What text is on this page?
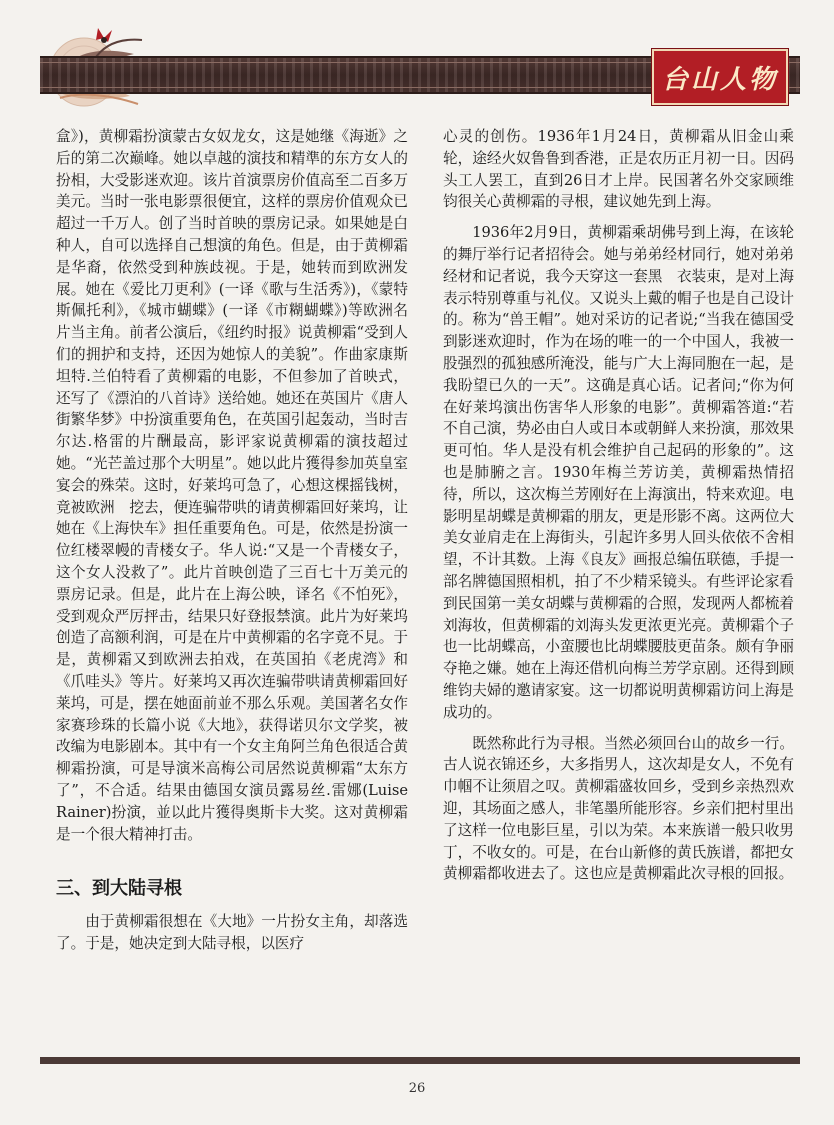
台山人物

盒》)，黄柳霜扮演蒙古女奴龙女，这是她继《海逝》之后的第二次巅峰。她以卓越的演技和精準的东方女人的扮相，大受影迷欢迎。该片首演票房价值高至二百多万美元。当时一张电影票很便宜，这样的票房价值观众已超过一千万人。创了当时首映的票房记录。如果她是白种人，自可以选择自己想演的角色。但是，由于黄柳霜是华裔，依然受到种族歧视。于是，她转而到欧洲发展。她在《爱比刀更利》(一译《歌与生活秀》)，《蒙特斯佩托利》，《城市蝴蝶》(一译《市糊蝴蝶》)等欧洲名片当主角。前者公演后，《纽约时报》说黄柳霜“受到人们的拥护和支持，还因为她惊人的美貌”。作曲家康斯坦特.兰伯特看了黄柳霜的电影，不但参加了首映式，还写了《漂泊的八首诗》送给她。她还在英国片《唐人街繁华梦》中扮演重要角色，在英国引起轰动，当时吉尔达.格雷的片酬最高，影评家说黄柳霜的演技超过她。“光芒盖过那个大明星”。她以此片獲得参加英皇室宴会的殊荣。这时，好莱坞可急了，心想这棵摇钱树，竟被欧洲　挖去，便连骗带哄的请黄柳霜回好莱坞，让她在《上海快车》担任重要角色。可是，依然是扮演一位红楼翠幔的青楼女子。华人说:“又是一个青楼女子，这个女人没救了”。此片首映创造了三百七十万美元的票房记录。但是，此片在上海公映，译名《不怕死》，受到观众严厉抨击，结果只好登报禁演。此片为好莱坞创造了高额利润，可是在片中黄柳霜的名字竟不見。于是，黄柳霜又到欧洲去拍戏，在英国拍《老虎湾》和《爪哇头》等片。好莱坞又再次连骗带哄请黄柳霜回好莱坞，可是，摆在她面前並不那么乐观。美国著名女作家赛珍珠的长篇小说《大地》，获得诺贝尔文学奖，被改编为电影剧本。其中有一个女主角阿兰角色很适合黄柳霜扮演，可是导演米高梅公司居然说黄柳霜“太东方了”，不合适。结果由德国女演员露易丝.雷娜(Luise　Rainer)扮演，並以此片獲得奥斯卡大奖。这对黄柳霜是一个很大精神打击。

三、到大陆寻根

由于黄柳霜很想在《大地》一片扮女主角，却落选了。于是，她决定到大陆寻根，以医疗

心灵的创伤。1936年1月24日，黄柳霜从旧金山乘轮，途经火奴鲁鲁到香港，正是农历正月初一日。因码头工人罢工，直到26日才上岸。民国著名外交家顾维钧很关心黄柳霜的寻根，建议她先到上海。

1936年2月9日，黄柳霜乘胡佛号到上海，在该轮的舞厅举行记者招待会。她与弟弟经材同行，她对弟弟经材和记者说，我今天穿这一套黑　衣装束，是对上海表示特别尊重与礼仪。又说头上戴的帽子也是自己设计的。称为“兽王帽”。她对采访的记者说;“当我在德国受到影迷欢迎时，作为在场的唯一的一个中国人，我被一股强烈的孤独感所淹没，能与广大上海同胞在一起，是我盼望已久的一天”。这确是真心话。记者问;“你为何在好莱坞演出伤害华人形象的电影”。黄柳霜答道:“若不自己演，势必由白人或日本或朝鲜人来扮演，那效果更可怕。华人是没有机会维护自己起码的形象的”。这也是肺腑之言。1930年梅兰芳访美，黄柳霜热情招待，所以，这次梅兰芳刚好在上海演出，特来欢迎。电影明星胡蝶是黄柳霜的朋友，更是形影不离。这两位大美女並肩走在上海街头，引起许多男人回头依依不舍相望，不计其数。上海《良友》画报总编伍联德，手提一部名牌德国照相机，拍了不少精采镜头。有些评论家看到民国第一美女胡蝶与黄柳霜的合照，发现两人都梳着刘海妆，但黄柳霜的刘海头发更浓更光亮。黄柳霜个子也一比胡蝶高，小蛮腰也比胡蝶腰肢更苗条。颇有争丽夺艳之嫌。她在上海还借机向梅兰芳学京剧。还得到顾维钧夫婦的邀请家宴。这一切都说明黄柳霜访问上海是成功的。

既然称此行为寻根。当然必须回台山的故乡一行。古人说衣锦还乡，大多指男人，这次却是女人，不免有巾帼不让须眉之叹。黄柳霜盛妆回乡，受到乡亲热烈欢迎，其场面之感人，非笔墨所能形容。乡亲们把村里出了这样一位电影巨星，引以为荣。本来族谱一般只收男丁，不收女的。可是，在台山新修的黄氏族谱，都把女黄柳霜都收进去了。这也应是黄柳霜此次寻根的回报。

26
